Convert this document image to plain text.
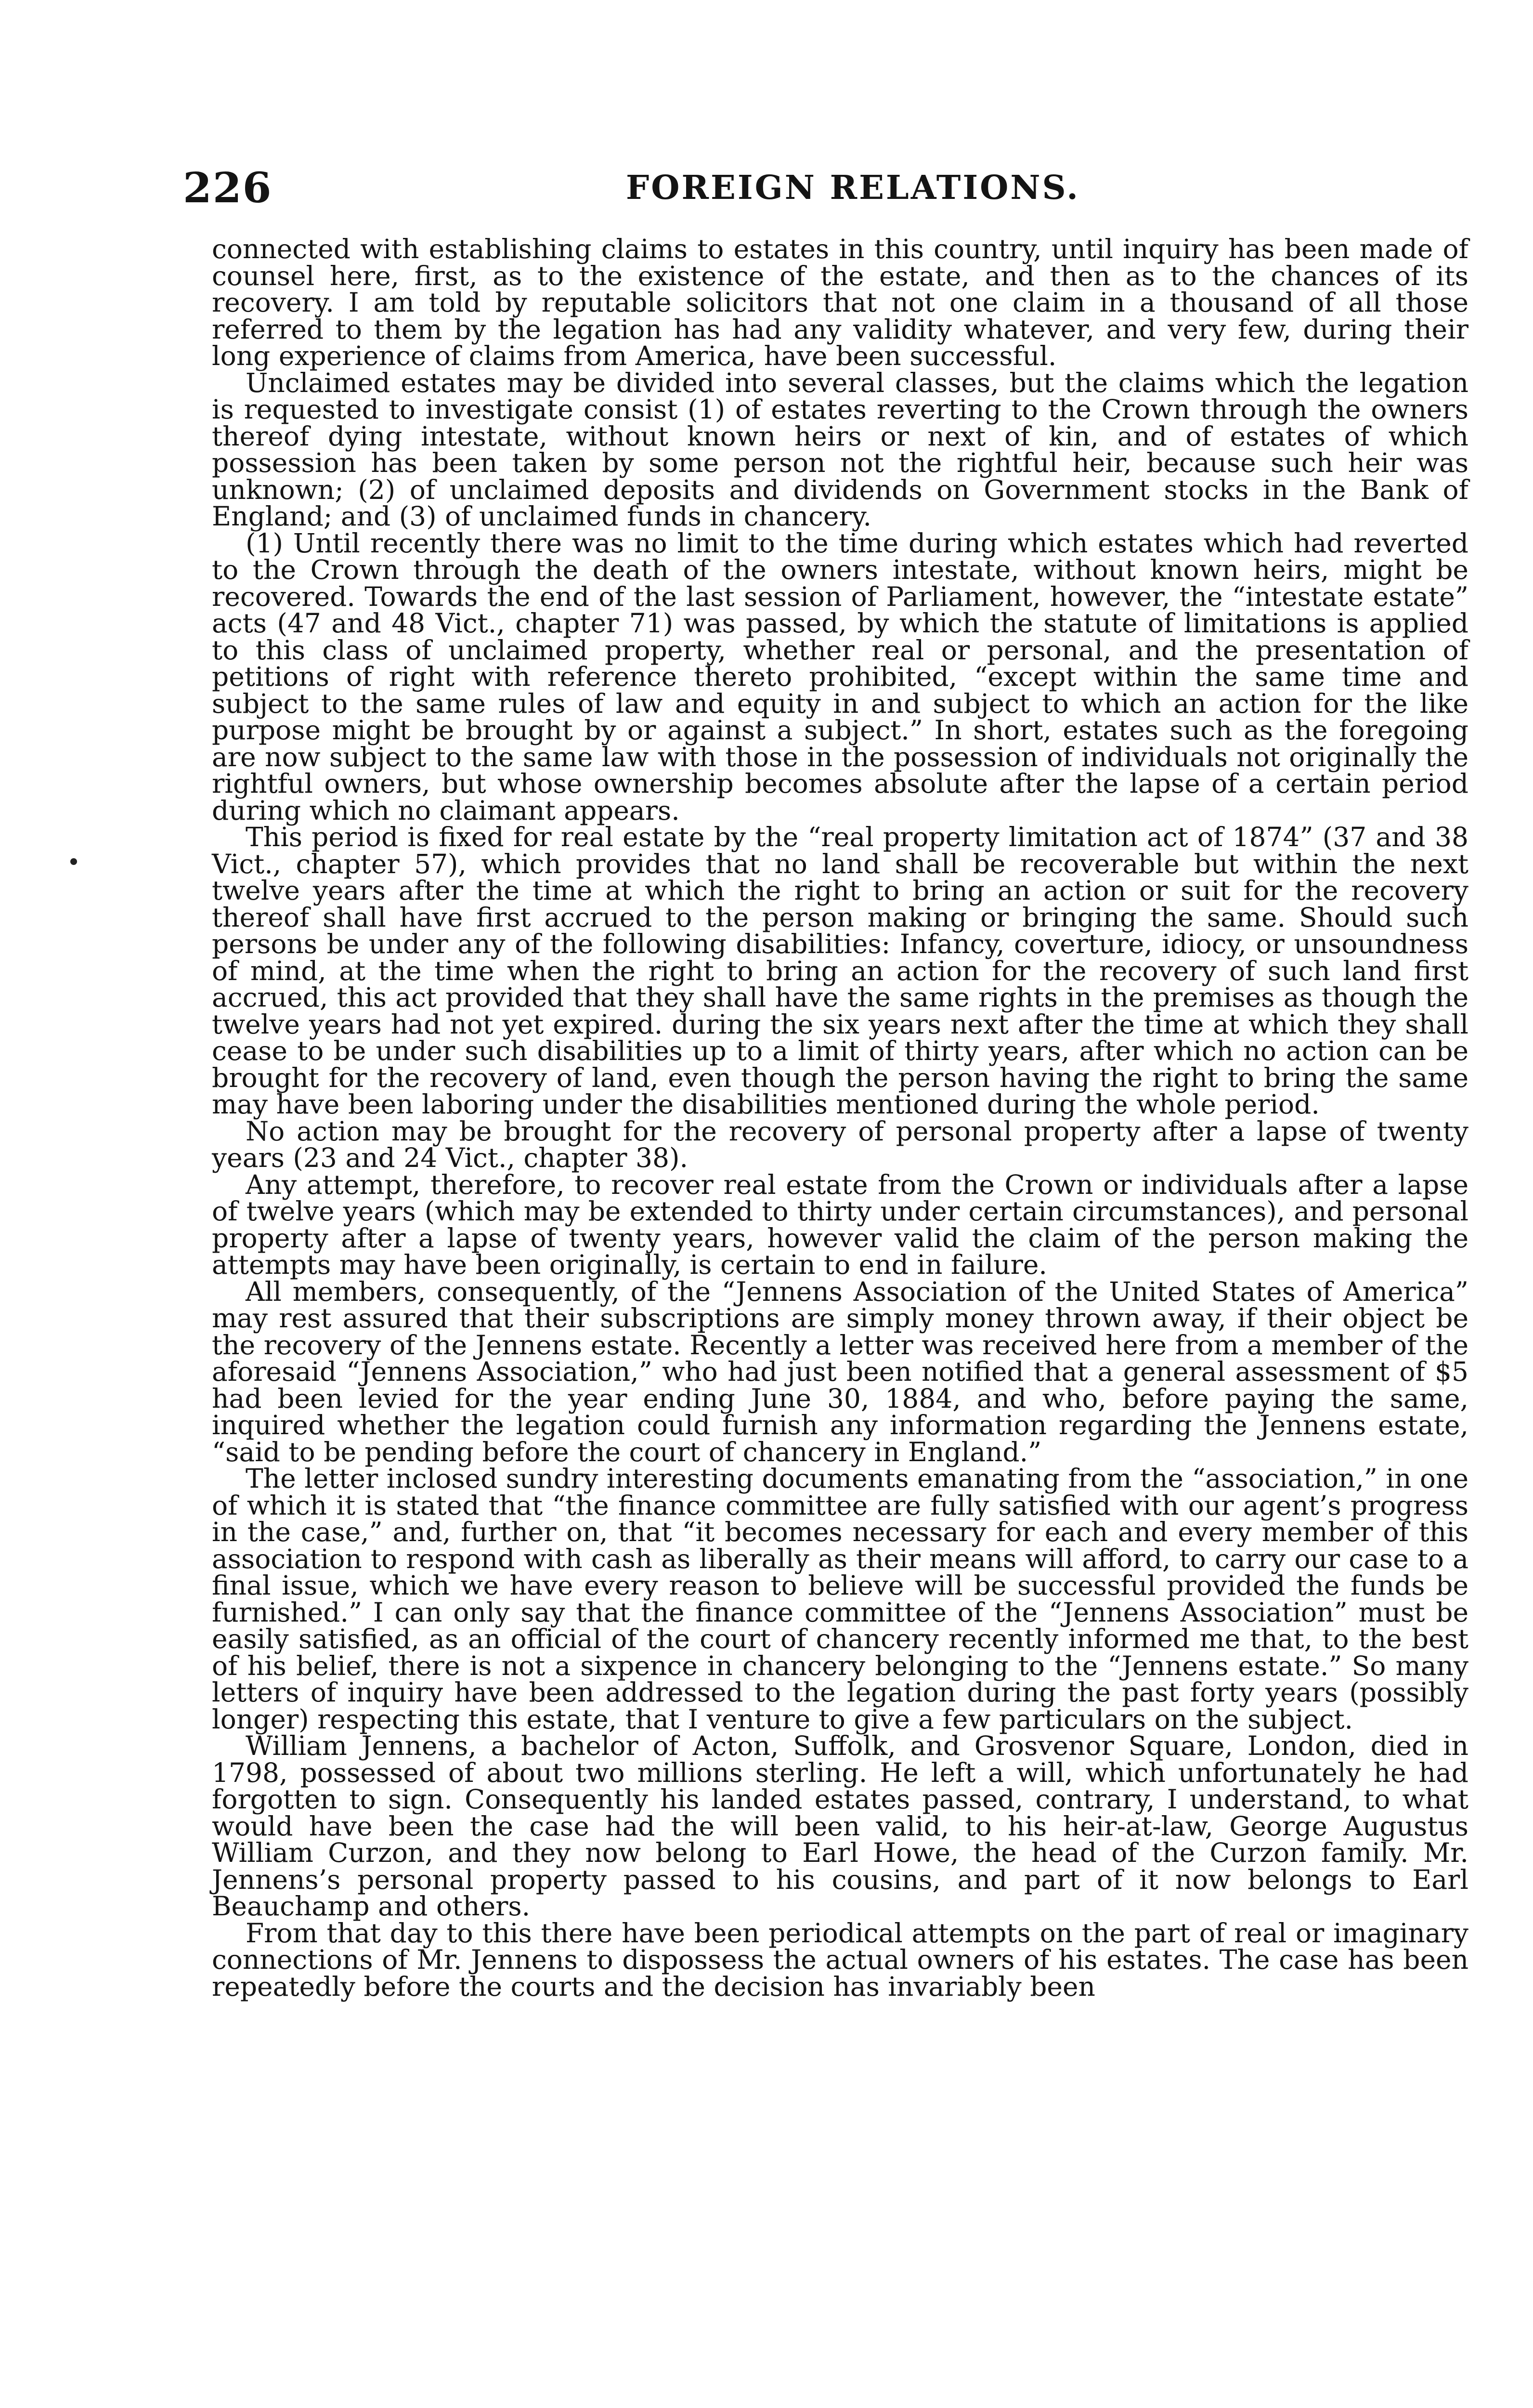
226	FOREIGN RELATIONS.

connected with establishing claims to estates in this country, until inquiry has been made of counsel here, first, as to the existence of the estate, and then as to the chances of its recovery. I am told by reputable solicitors that not one claim in a thousand of all those referred to them by the legation has had any validity whatever, and very few, during their long experience of claims from America, have been successful.

Unclaimed estates may be divided into several classes, but the claims which the legation is requested to investigate consist (1) of estates reverting to the Crown through the owners thereof dying intestate, without known heirs or next of kin, and of estates of which possession has been taken by some person not the rightful heir, because such heir was unknown; (2) of unclaimed deposits and dividends on Government stocks in the Bank of England; and (3) of unclaimed funds in chancery.

(1) Until recently there was no limit to the time during which estates which had reverted to the Crown through the death of the owners intestate, without known heirs, might be recovered. Towards the end of the last session of Parliament, however, the “intestate estate” acts (47 and 48 Vict., chapter 71) was passed, by which the statute of limitations is applied to this class of unclaimed property, whether real or personal, and the presentation of petitions of right with reference thereto prohibited, “except within the same time and subject to the same rules of law and equity in and subject to which an action for the like purpose might be brought by or against a subject.” In short, estates such as the foregoing are now subject to the same law with those in the possession of individuals not originally the rightful owners, but whose ownership becomes absolute after the lapse of a certain period during which no claimant appears.

This period is fixed for real estate by the “real property limitation act of 1874” (37 and 38 Vict., chapter 57), which provides that no land shall be recoverable but within the next twelve years after the time at which the right to bring an action or suit for the recovery thereof shall have first accrued to the person making or bringing the same. Should such persons be under any of the following disabilities: Infancy, coverture, idiocy, or unsoundness of mind, at the time when the right to bring an action for the recovery of such land first accrued, this act provided that they shall have the same rights in the premises as though the twelve years had not yet expired. during the six years next after the time at which they shall cease to be under such disabilities up to a limit of thirty years, after which no action can be brought for the recovery of land, even though the person having the right to bring the same may have been laboring under the disabilities mentioned during the whole period.

No action may be brought for the recovery of personal property after a lapse of twenty years (23 and 24 Vict., chapter 38).

Any attempt, therefore, to recover real estate from the Crown or individuals after a lapse of twelve years (which may be extended to thirty under certain circumstances), and personal property after a lapse of twenty years, however valid the claim of the person making the attempts may have been originally, is certain to end in failure.

All members, consequently, of the “Jennens Association of the United States of America” may rest assured that their subscriptions are simply money thrown away, if their object be the recovery of the Jennens estate. Recently a letter was received here from a member of the aforesaid “Jennens Association,” who had just been notified that a general assessment of $5 had been levied for the year ending June 30, 1884, and who, before paying the same, inquired whether the legation could furnish any information regarding the Jennens estate, “said to be pending before the court of chancery in England.”

The letter inclosed sundry interesting documents emanating from the “association,” in one of which it is stated that “the finance committee are fully satisfied with our agent’s progress in the case,” and, further on, that “it becomes necessary for each and every member of this association to respond with cash as liberally as their means will afford, to carry our case to a final issue, which we have every reason to believe will be successful provided the funds be furnished.” I can only say that the finance committee of the “Jennens Association” must be easily satisfied, as an official of the court of chancery recently informed me that, to the best of his belief, there is not a sixpence in chancery belonging to the “Jennens estate.” So many letters of inquiry have been addressed to the legation during the past forty years (possibly longer) respecting this estate, that I venture to give a few particulars on the subject.

William Jennens, a bachelor of Acton, Suffolk, and Grosvenor Square, London, died in 1798, possessed of about two millions sterling. He left a will, which unfortunately he had forgotten to sign. Consequently his landed estates passed, contrary, I understand, to what would have been the case had the will been valid, to his heir-at-law, George Augustus William Curzon, and they now belong to Earl Howe, the head of the Curzon family. Mr. Jennens’s personal property passed to his cousins, and part of it now belongs to Earl Beauchamp and others.

From that day to this there have been periodical attempts on the part of real or imaginary connections of Mr. Jennens to dispossess the actual owners of his estates. The case has been repeatedly before the courts and the decision has invariably been
